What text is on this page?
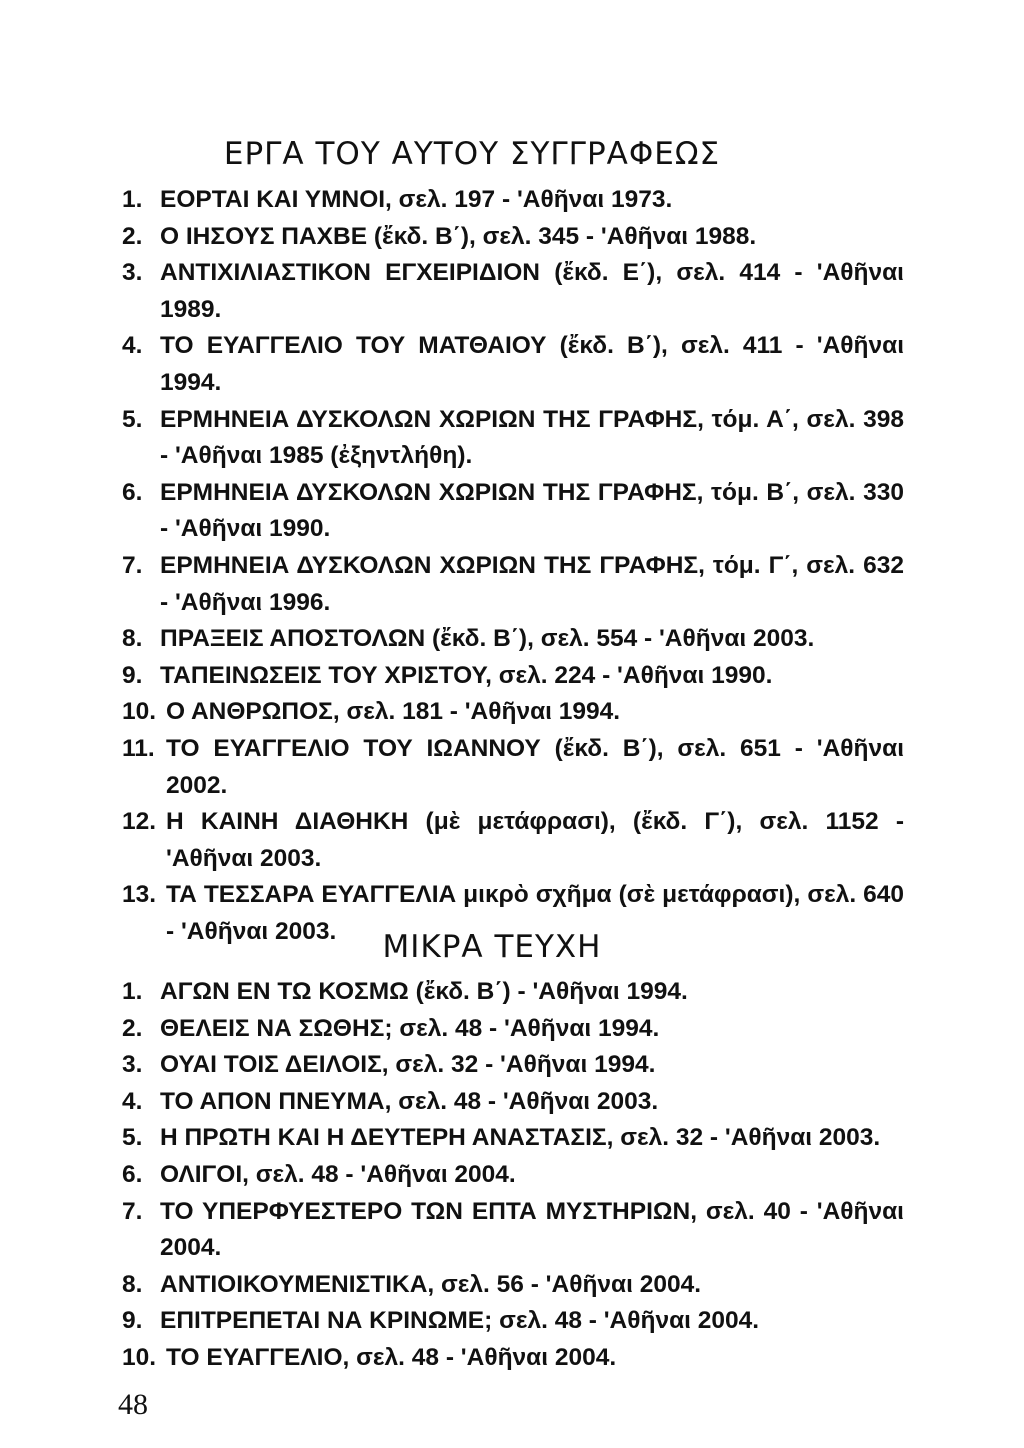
ΕΡΓΑ ΤΟΥ ΑΥΤΟΥ ΣΥΓΓΡΑΦΕΩΣ
1. ΕΟΡΤΑΙ ΚΑΙ ΥΜΝΟΙ, σελ. 197 - 'Αθῆναι 1973.
2. Ο ΙΗΣΟΥΣ ΠΑΧΒΕ (ἔκδ. Β΄), σελ. 345 - 'Αθῆναι 1988.
3. ΑΝΤΙΧΙΛΙΑΣΤΙΚΟΝ ΕΓΧΕΙΡΙΔΙΟΝ (ἔκδ. Ε΄), σελ. 414 - 'Αθῆναι 1989.
4. ΤΟ ΕΥΑΓΓΕΛΙΟ ΤΟΥ ΜΑΤΘΑΙΟΥ (ἔκδ. Β΄), σελ. 411 - 'Αθῆναι 1994.
5. ΕΡΜΗΝΕΙΑ ΔΥΣΚΟΛΩΝ ΧΩΡΙΩΝ ΤΗΣ ΓΡΑΦΗΣ, τόμ. Α΄, σελ. 398 - 'Αθῆναι 1985 (ἐξηντλήθη).
6. ΕΡΜΗΝΕΙΑ ΔΥΣΚΟΛΩΝ ΧΩΡΙΩΝ ΤΗΣ ΓΡΑΦΗΣ, τόμ. Β΄, σελ. 330 - 'Αθῆναι 1990.
7. ΕΡΜΗΝΕΙΑ ΔΥΣΚΟΛΩΝ ΧΩΡΙΩΝ ΤΗΣ ΓΡΑΦΗΣ, τόμ. Γ΄, σελ. 632 - 'Αθῆναι 1996.
8. ΠΡΑΞΕΙΣ ΑΠΟΣΤΟΛΩΝ (ἔκδ. Β΄), σελ. 554 - 'Αθῆναι 2003.
9. ΤΑΠΕΙΝΩΣΕΙΣ ΤΟΥ ΧΡΙΣΤΟΥ, σελ. 224 - 'Αθῆναι 1990.
10. Ο ΑΝΘΡΩΠΟΣ, σελ. 181 - 'Αθῆναι 1994.
11. ΤΟ ΕΥΑΓΓΕΛΙΟ ΤΟΥ ΙΩΑΝΝΟΥ (ἔκδ. Β΄), σελ. 651 - 'Αθῆναι 2002.
12. Η ΚΑΙΝΗ ΔΙΑΘΗΚΗ (μὲ μετάφρασι), (ἔκδ. Γ΄), σελ. 1152 - 'Αθῆναι 2003.
13. ΤΑ ΤΕΣΣΑΡΑ ΕΥΑΓΓΕΛΙΑ μικρὸ σχῆμα (σὲ μετάφρασι), σελ. 640 - 'Αθῆναι 2003.	ΜΙΚΡΑ ΤΕΥΧΗ
1. ΑΓΩΝ ΕΝ ΤΩ ΚΟΣΜΩ (ἔκδ. Β΄) - 'Αθῆναι 1994.
2. ΘΕΛΕΙΣ ΝΑ ΣΩΘΗΣ; σελ. 48 - 'Αθῆναι 1994.
3. ΟΥΑΙ ΤΟΙΣ ΔΕΙΛΟΙΣ, σελ. 32 - 'Αθῆναι 1994.
4. ΤΟ ΑΠΟΝ ΠΝΕΥΜΑ, σελ. 48 - 'Αθῆναι 2003.
5. Η ΠΡΩΤΗ ΚΑΙ Η ΔΕΥΤΕΡΗ ΑΝΑΣΤΑΣΙΣ, σελ. 32 - 'Αθῆναι 2003.
6. ΟΛΙΓΟΙ, σελ. 48 - 'Αθῆναι 2004.
7. ΤΟ ΥΠΕΡΦΥΕΣΤΕΡΟ ΤΩΝ ΕΠΤΑ ΜΥΣΤΗΡΙΩΝ, σελ. 40 - 'Αθῆναι 2004.
8. ΑΝΤΙΟΙΚΟΥΜΕΝΙΣΤΙΚΑ, σελ. 56 - 'Αθῆναι 2004.
9. ΕΠΙΤΡΕΠΕΤΑΙ ΝΑ ΚΡΙΝΩΜΕ; σελ. 48 - 'Αθῆναι 2004.
10. ΤΟ ΕΥΑΓΓΕΛΙΟ, σελ. 48 - 'Αθῆναι 2004.

48
